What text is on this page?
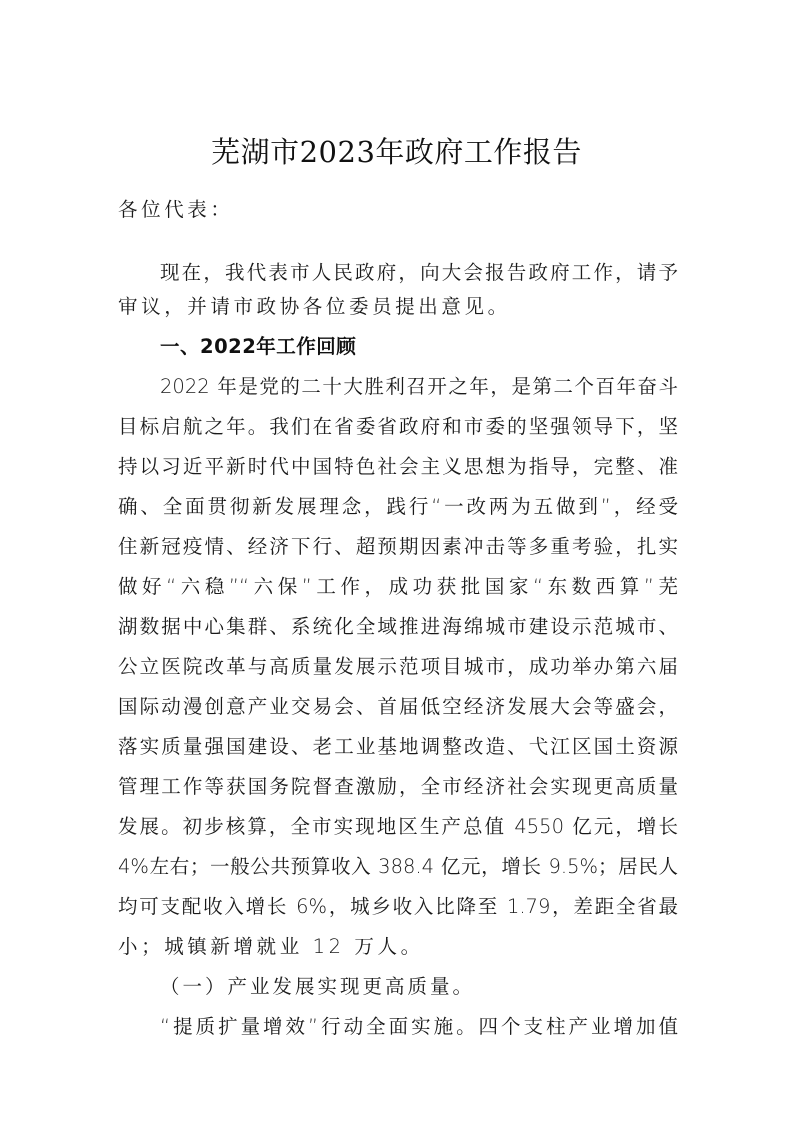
芜湖市2023年政府工作报告
各位代表：
现在，我代表市人民政府，向大会报告政府工作，请予
审议，并请市政协各位委员提出意见。
一、2022年工作回顾
2022 年是党的二十大胜利召开之年，是第二个百年奋斗
目标启航之年。我们在省委省政府和市委的坚强领导下，坚
持以习近平新时代中国特色社会主义思想为指导，完整、准
确、全面贯彻新发展理念，践行“一改两为五做到”，经受
住新冠疫情、经济下行、超预期因素冲击等多重考验，扎实
做好“六稳”“六保”工作，成功获批国家“东数西算”芜
湖数据中心集群、系统化全域推进海绵城市建设示范城市、
公立医院改革与高质量发展示范项目城市，成功举办第六届
国际动漫创意产业交易会、首届低空经济发展大会等盛会，
落实质量强国建设、老工业基地调整改造、弋江区国土资源
管理工作等获国务院督查激励，全市经济社会实现更高质量
发展。初步核算，全市实现地区生产总值 4550 亿元，增长
4%左右；一般公共预算收入 388.4 亿元，增长 9.5%；居民人
均可支配收入增长 6%，城乡收入比降至 1.79，差距全省最
小；城镇新增就业 12 万人。
（一）产业发展实现更高质量。
“提质扩量增效”行动全面实施。四个支柱产业增加值
